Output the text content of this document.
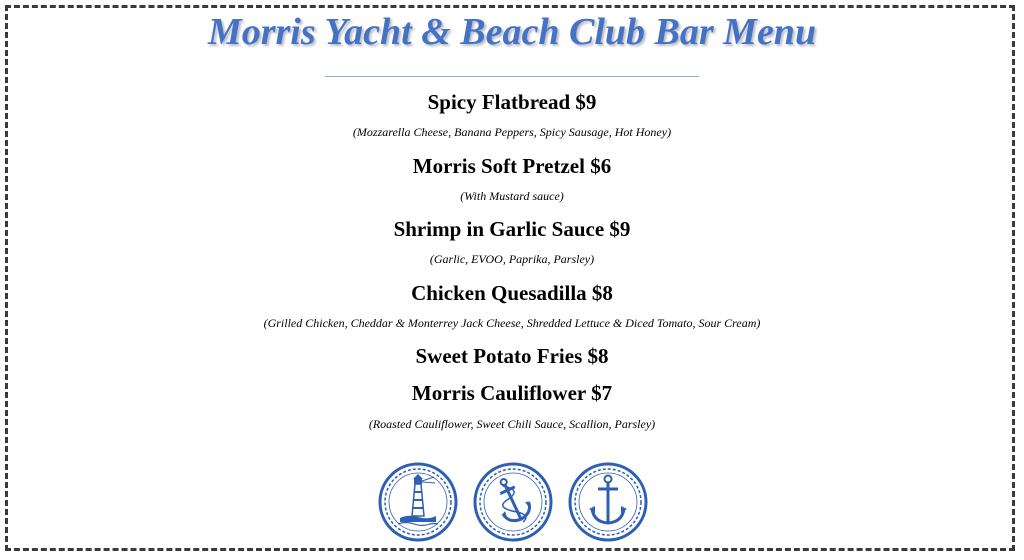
Morris Yacht & Beach Club Bar Menu

Spicy Flatbread $9

(Mozzarella Cheese, Banana Peppers, Spicy Sausage, Hot Honey)

Morris Soft Pretzel $6

(With Mustard sauce)

Shrimp in Garlic Sauce $9

(Garlic, EVOO, Paprika, Parsley)

Chicken Quesadilla $8

(Grilled Chicken, Cheddar & Monterrey Jack Cheese, Shredded Lettuce & Diced Tomato, Sour Cream)

Sweet Potato Fries $8

Morris Cauliflower $7

(Roasted Cauliflower, Sweet Chili Sauce, Scallion, Parsley)
